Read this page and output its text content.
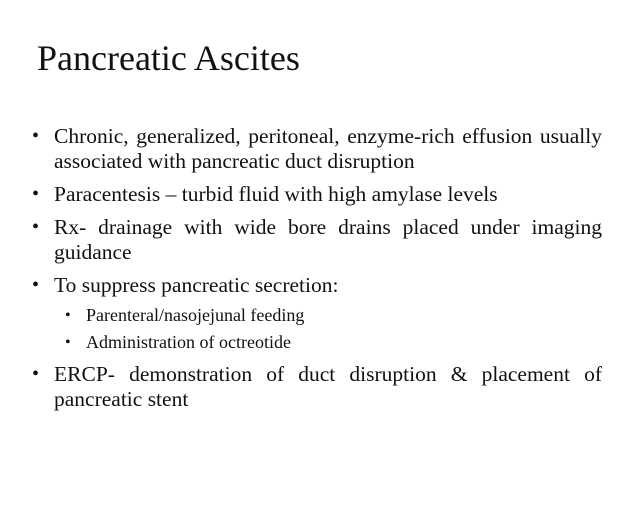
Pancreatic Ascites
• Chronic, generalized, peritoneal, enzyme-rich effusion usually associated with pancreatic duct disruption
• Paracentesis – turbid fluid with high amylase levels
• Rx- drainage with wide bore drains placed under imaging guidance
• To suppress pancreatic secretion:
• Parenteral/nasojejunal feeding
• Administration of octreotide
• ERCP- demonstration of duct disruption & placement of pancreatic stent
